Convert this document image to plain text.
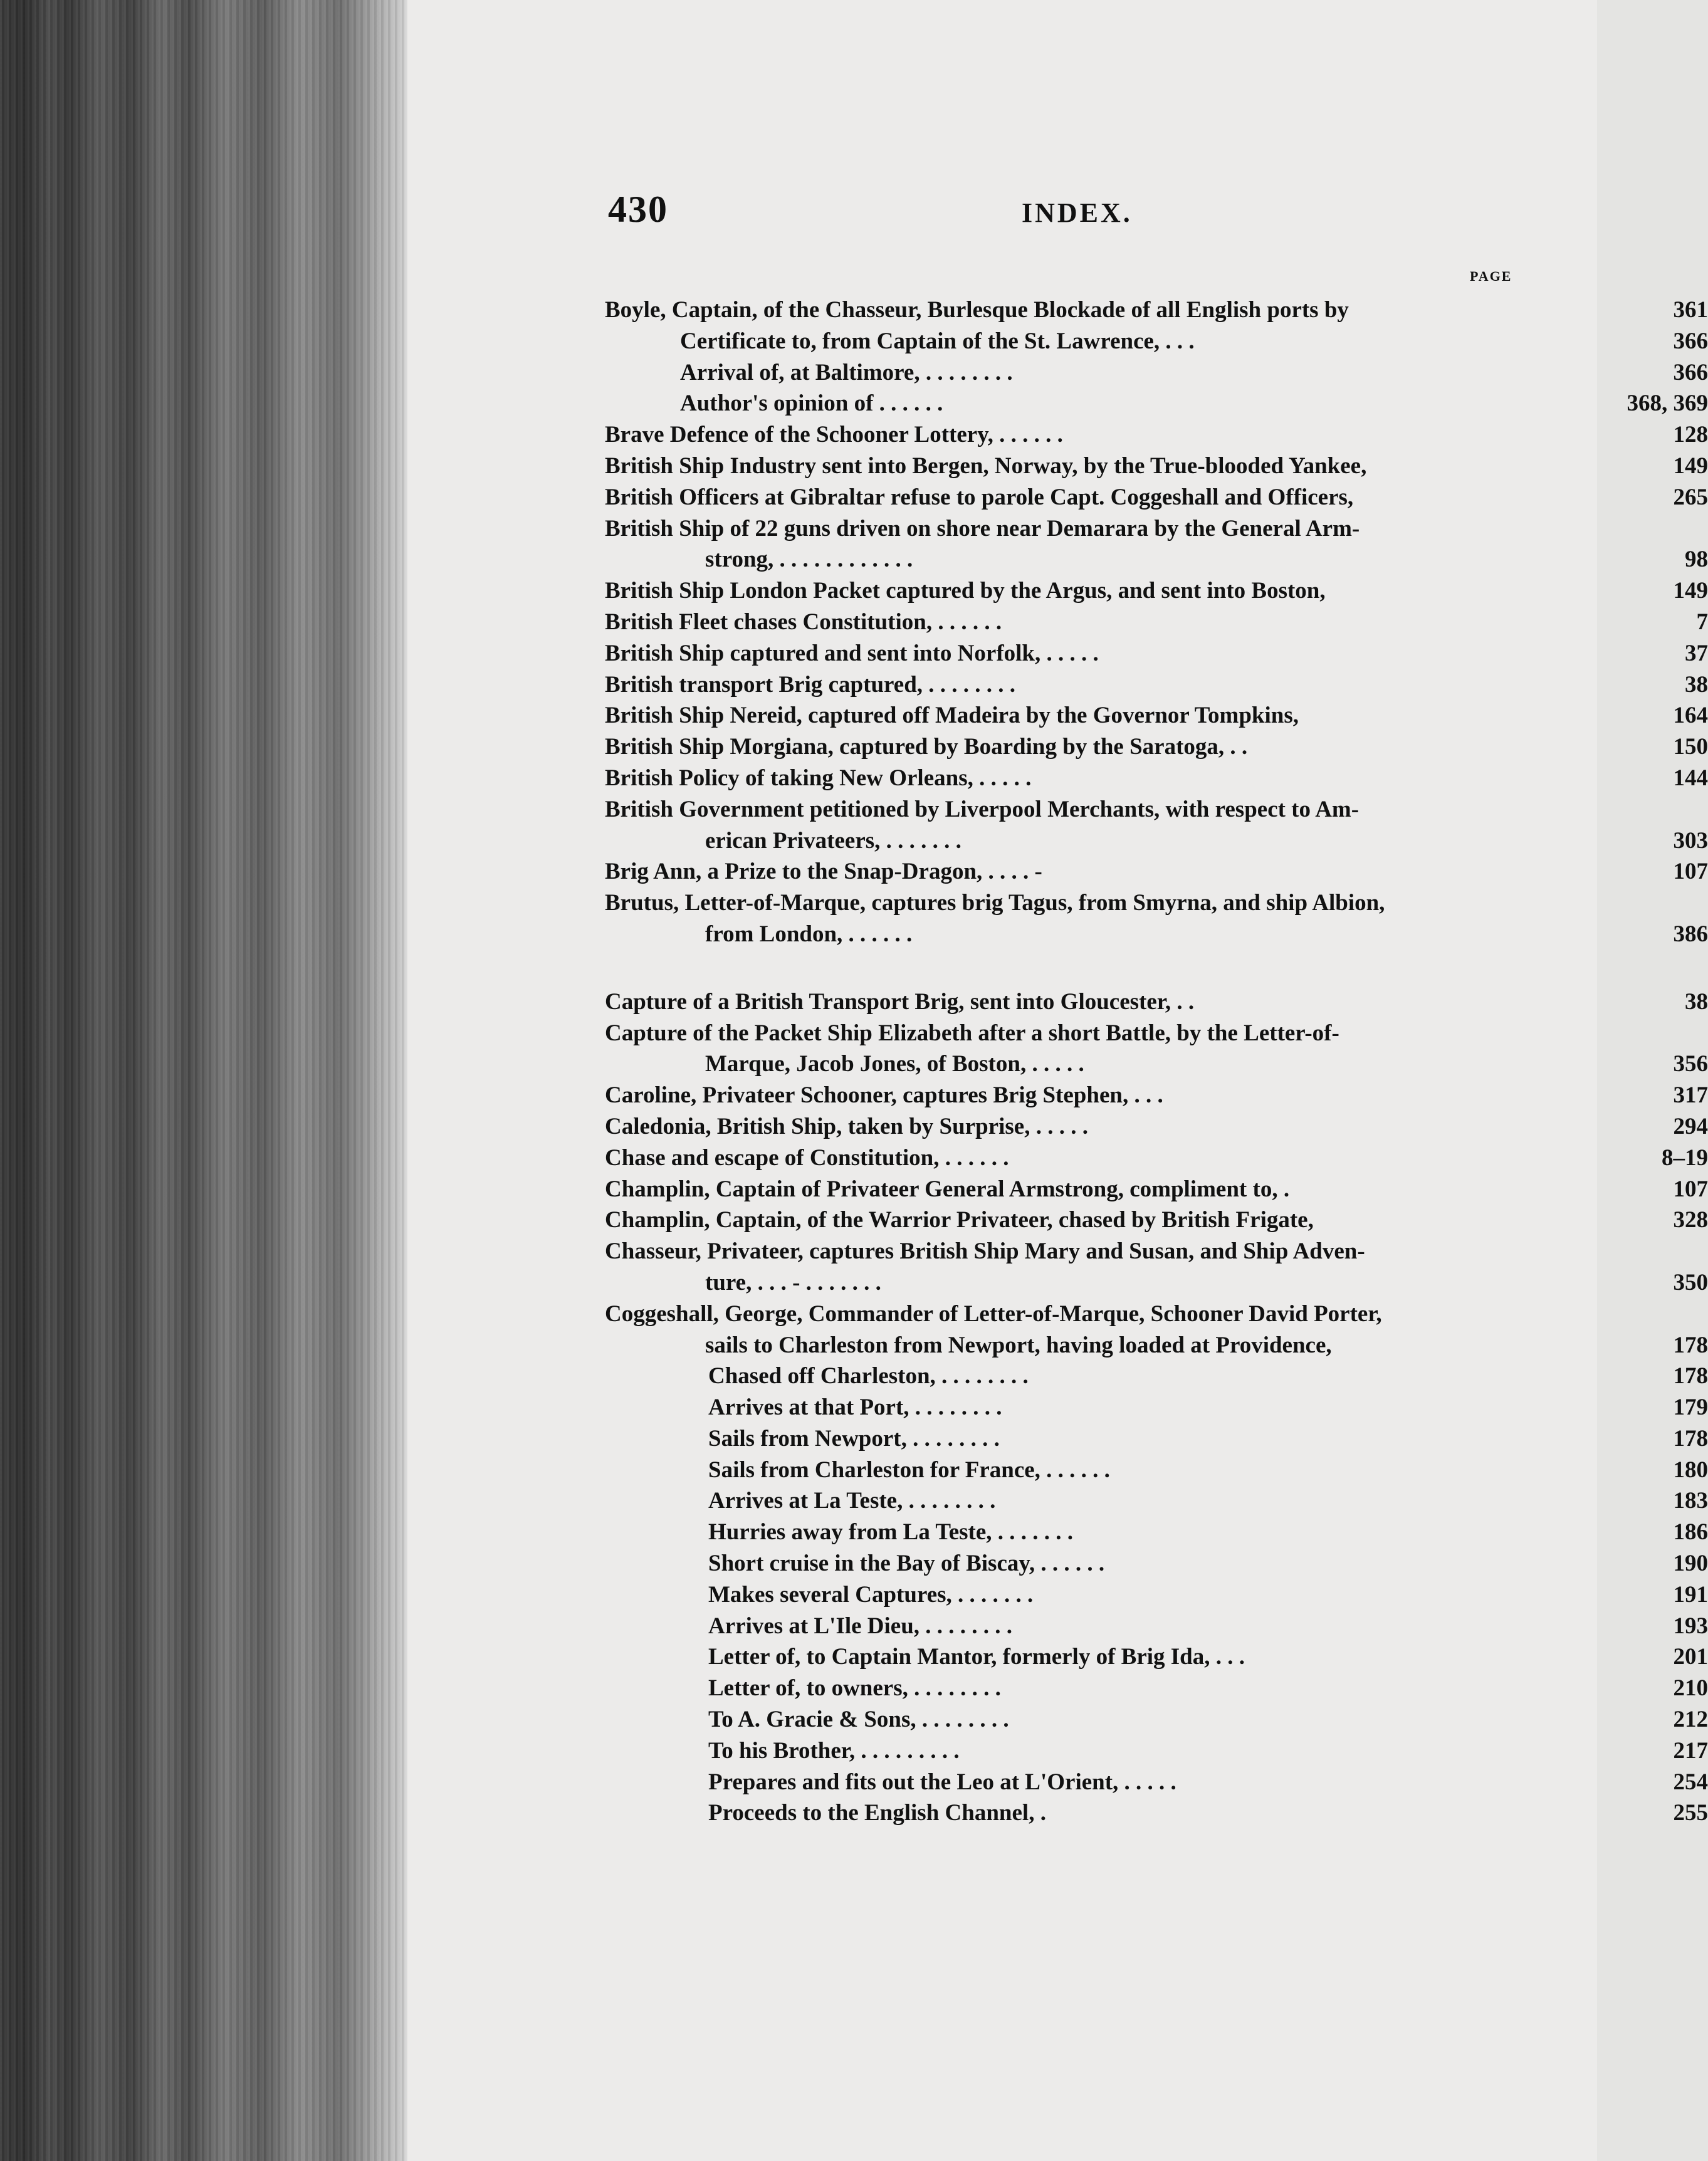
430	INDEX.
PAGE
Boyle, Captain, of the Chasseur, Burlesque Blockade of all English ports by	361
Certificate to, from Captain of the St. Lawrence, . . .	366
Arrival of, at Baltimore, . . . . . . . .	366
Author's opinion of . . . . . .	368, 369
Brave Defence of the Schooner Lottery, . . . . . .	128
British Ship Industry sent into Bergen, Norway, by the True-blooded Yankee,	149
British Officers at Gibraltar refuse to parole Capt. Coggeshall and Officers,	265
British Ship of 22 guns driven on shore near Demarara by the General Arm-
strong, . . . . . . . . . . . .	98
British Ship London Packet captured by the Argus, and sent into Boston,	149
British Fleet chases Constitution, . . . . . .	7
British Ship captured and sent into Norfolk, . . . . .	37
British transport Brig captured, . . . . . . . .	38
British Ship Nereid, captured off Madeira by the Governor Tompkins,	164
British Ship Morgiana, captured by Boarding by the Saratoga, . .	150
British Policy of taking New Orleans, . . . . .	144
British Government petitioned by Liverpool Merchants, with respect to Am-
erican Privateers, . . . . . . .	303
Brig Ann, a Prize to the Snap-Dragon, . . . . -	107
Brutus, Letter-of-Marque, captures brig Tagus, from Smyrna, and ship Albion,
from London, . . . . . .	386
Capture of a British Transport Brig, sent into Gloucester, . .	38
Capture of the Packet Ship Elizabeth after a short Battle, by the Letter-of-
Marque, Jacob Jones, of Boston, . . . . .	356
Caroline, Privateer Schooner, captures Brig Stephen, . . .	317
Caledonia, British Ship, taken by Surprise, . . . . .	294
Chase and escape of Constitution, . . . . . .	8–19
Champlin, Captain of Privateer General Armstrong, compliment to, .	107
Champlin, Captain, of the Warrior Privateer, chased by British Frigate,	328
Chasseur, Privateer, captures British Ship Mary and Susan, and Ship Adven-
ture, . . . - . . . . . . .	350
Coggeshall, George, Commander of Letter-of-Marque, Schooner David Porter,
sails to Charleston from Newport, having loaded at Providence,	178
Chased off Charleston, . . . . . . . .	178
Arrives at that Port, . . . . . . . .	179
Sails from Newport, . . . . . . . .	178
Sails from Charleston for France, . . . . . .	180
Arrives at La Teste, . . . . . . . .	183
Hurries away from La Teste, . . . . . . .	186
Short cruise in the Bay of Biscay, . . . . . .	190
Makes several Captures, . . . . . . .	191
Arrives at L'Ile Dieu, . . . . . . . .	193
Letter of, to Captain Mantor, formerly of Brig Ida, . . .	201
Letter of, to owners, . . . . . . . .	210
To A. Gracie & Sons, . . . . . . . .	212
To his Brother, . . . . . . . . .	217
Prepares and fits out the Leo at L'Orient, . . . . .	254
Proceeds to the English Channel, .	255
